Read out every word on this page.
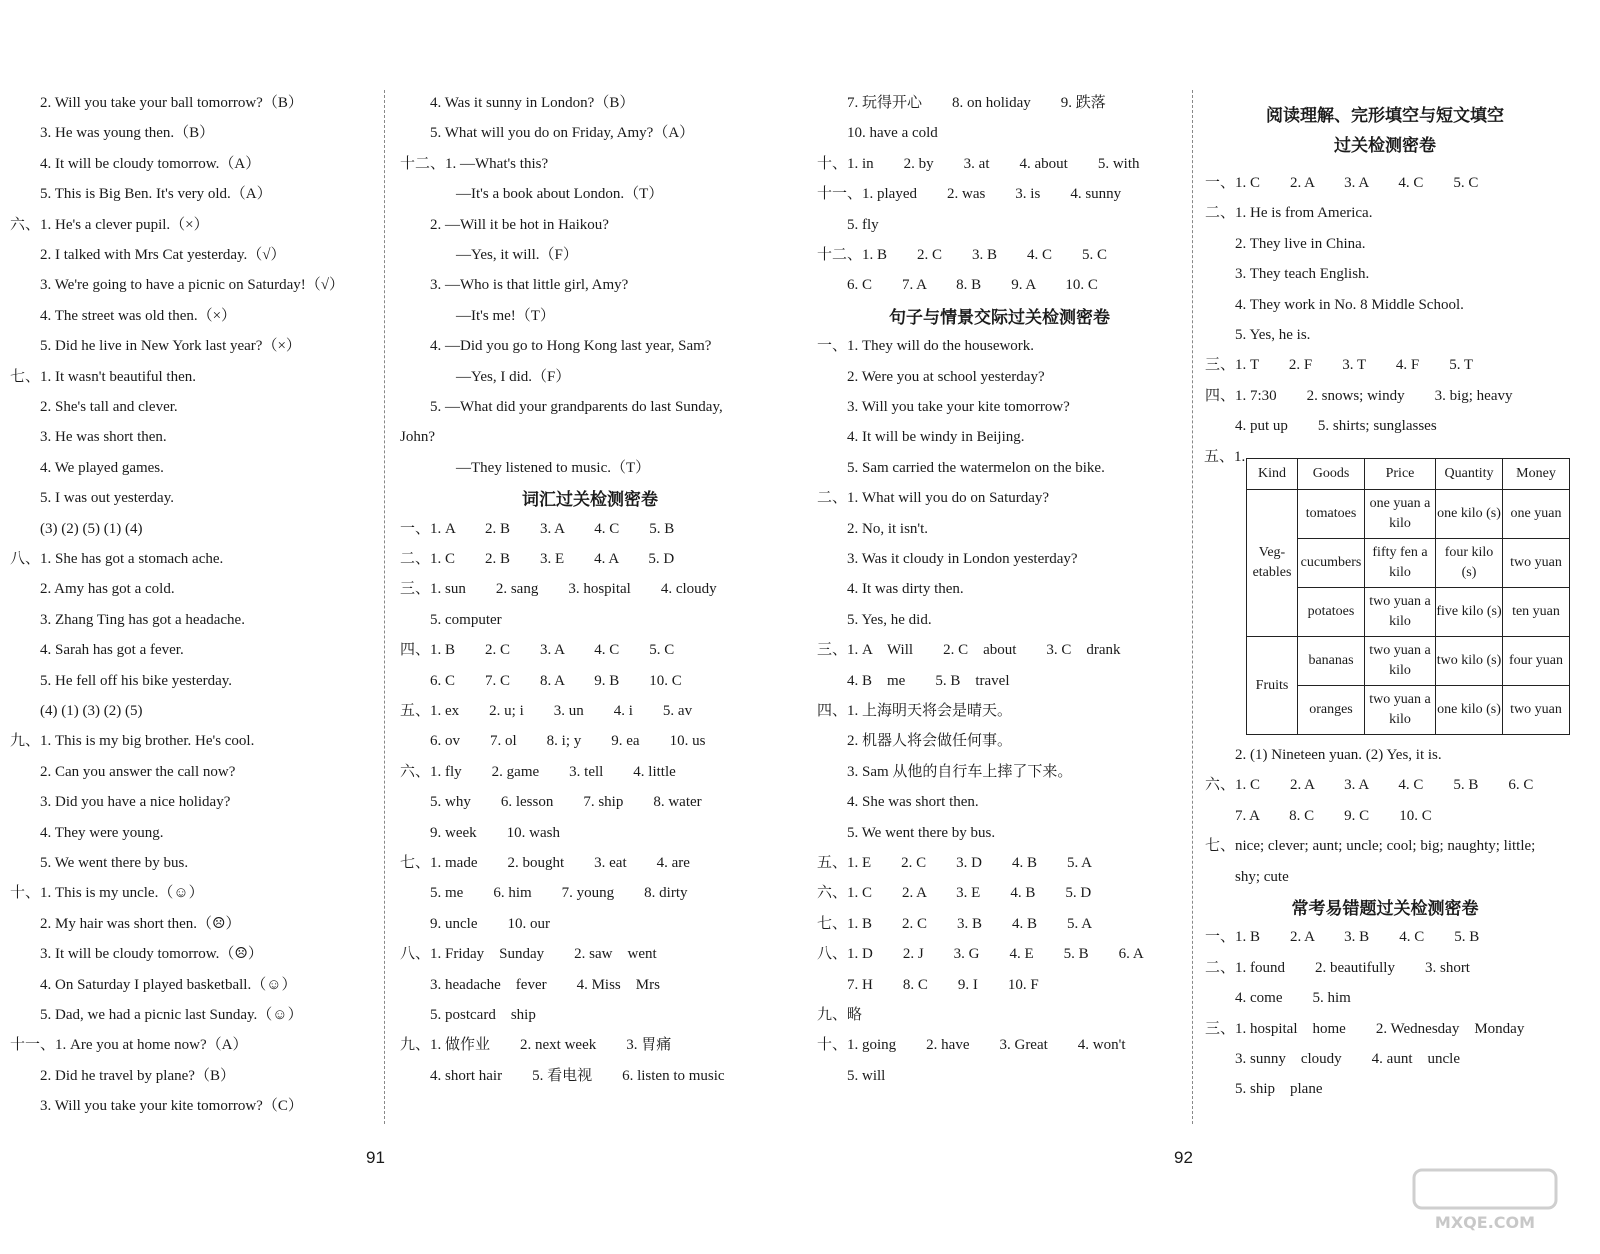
2. Will you take your ball tomorrow?（B）
3. He was young then.（B）
4. It will be cloudy tomorrow.（A）
5. This is Big Ben. It's very old.（A）
六、1. He's a clever pupil.（×）
2. I talked with Mrs Cat yesterday.（√）
3. We're going to have a picnic on Saturday!（√）
4. The street was old then.（×）
5. Did he live in New York last year?（×）
七、1. It wasn't beautiful then.
2. She's tall and clever.
3. He was short then.
4. We played games.
5. I was out yesterday.
(3) (2) (5) (1) (4)
八、1. She has got a stomach ache.
2. Amy has got a cold.
3. Zhang Ting has got a headache.
4. Sarah has got a fever.
5. He fell off his bike yesterday.
(4) (1) (3) (2) (5)
九、1. This is my big brother. He's cool.
2. Can you answer the call now?
3. Did you have a nice holiday?
4. They were young.
5. We went there by bus.
十、1. This is my uncle.（☺）
2. My hair was short then.（☹）
3. It will be cloudy tomorrow.（☹）
4. On Saturday I played basketball.（☺）
5. Dad, we had a picnic last Sunday.（☺）
十一、1. Are you at home now?（A）
2. Did he travel by plane?（B）
3. Will you take your kite tomorrow?（C）
4. Was it sunny in London?（B）
5. What will you do on Friday, Amy?（A）
十二、1. —What's this?
—It's a book about London.（T）
2. —Will it be hot in Haikou?
—Yes, it will.（F）
3. —Who is that little girl, Amy?
—It's me!（T）
4. —Did you go to Hong Kong last year, Sam?
—Yes, I did.（F）
5. —What did your grandparents do last Sunday,
John?
—They listened to music.（T）
词汇过关检测密卷
一、1. A　　2. B　　3. A　　4. C　　5. B
二、1. C　　2. B　　3. E　　4. A　　5. D
三、1. sun　　2. sang　　3. hospital　　4. cloudy
5. computer
四、1. B　　2. C　　3. A　　4. C　　5. C
6. C　　7. C　　8. A　　9. B　　10. C
五、1. ex　　2. u; i　　3. un　　4. i　　5. av
6. ov　　7. ol　　8. i; y　　9. ea　　10. us
六、1. fly　　2. game　　3. tell　　4. little
5. why　　6. lesson　　7. ship　　8. water
9. week　　10. wash
七、1. made　　2. bought　　3. eat　　4. are
5. me　　6. him　　7. young　　8. dirty
9. uncle　　10. our
八、1. Friday　Sunday　　2. saw　went
3. headache　fever　　4. Miss　Mrs
5. postcard　ship
九、1. 做作业　　2. next week　　3. 胃痛
4. short hair　　5. 看电视　　6. listen to music
7. 玩得开心　　8. on holiday　　9. 跌落
10. have a cold
十、1. in　　2. by　　3. at　　4. about　　5. with
十一、1. played　　2. was　　3. is　　4. sunny
5. fly
十二、1. B　　2. C　　3. B　　4. C　　5. C
6. C　　7. A　　8. B　　9. A　　10. C
句子与情景交际过关检测密卷
一、1. They will do the housework.
2. Were you at school yesterday?
3. Will you take your kite tomorrow?
4. It will be windy in Beijing.
5. Sam carried the watermelon on the bike.
二、1. What will you do on Saturday?
2. No, it isn't.
3. Was it cloudy in London yesterday?
4. It was dirty then.
5. Yes, he did.
三、1. A　Will　　2. C　about　　3. C　drank
4. B　me　　5. B　travel
四、1. 上海明天将会是晴天。
2. 机器人将会做任何事。
3. Sam 从他的自行车上摔了下来。
4. She was short then.
5. We went there by bus.
五、1. E　　2. C　　3. D　　4. B　　5. A
六、1. C　　2. A　　3. E　　4. B　　5. D
七、1. B　　2. C　　3. B　　4. B　　5. A
八、1. D　　2. J　　3. G　　4. E　　5. B　　6. A
7. H　　8. C　　9. I　　10. F
九、略
十、1. going　　2. have　　3. Great　　4. won't
5. will
阅读理解、完形填空与短文填空
过关检测密卷
一、1. C　　2. A　　3. A　　4. C　　5. C
二、1. He is from America.
2. They live in China.
3. They teach English.
4. They work in No. 8 Middle School.
5. Yes, he is.
三、1. T　　2. F　　3. T　　4. F　　5. T
四、1. 7:30　　2. snows; windy　　3. big; heavy
4. put up　　5. shirts; sunglasses
五、1.
Kind	Goods	Price	Quantity	Money
Veg-etables	tomatoes	one yuan a kilo	one kilo (s)	one yuan
	cucumbers	fifty fen a kilo	four kilo (s)	two yuan
	potatoes	two yuan a kilo	five kilo (s)	ten yuan
Fruits	bananas	two yuan a kilo	two kilo (s)	four yuan
	oranges	two yuan a kilo	one kilo (s)	two yuan
2. (1) Nineteen yuan. (2) Yes, it is.
六、1. C　　2. A　　3. A　　4. C　　5. B　　6. C
7. A　　8. C　　9. C　　10. C
七、nice; clever; aunt; uncle; cool; big; naughty; little;
shy; cute
常考易错题过关检测密卷
一、1. B　　2. A　　3. B　　4. C　　5. B
二、1. found　　2. beautifully　　3. short
4. come　　5. him
三、1. hospital　home　　2. Wednesday　Monday
3. sunny　cloudy　　4. aunt　uncle
5. ship　plane
91	92
MXQE.COM
